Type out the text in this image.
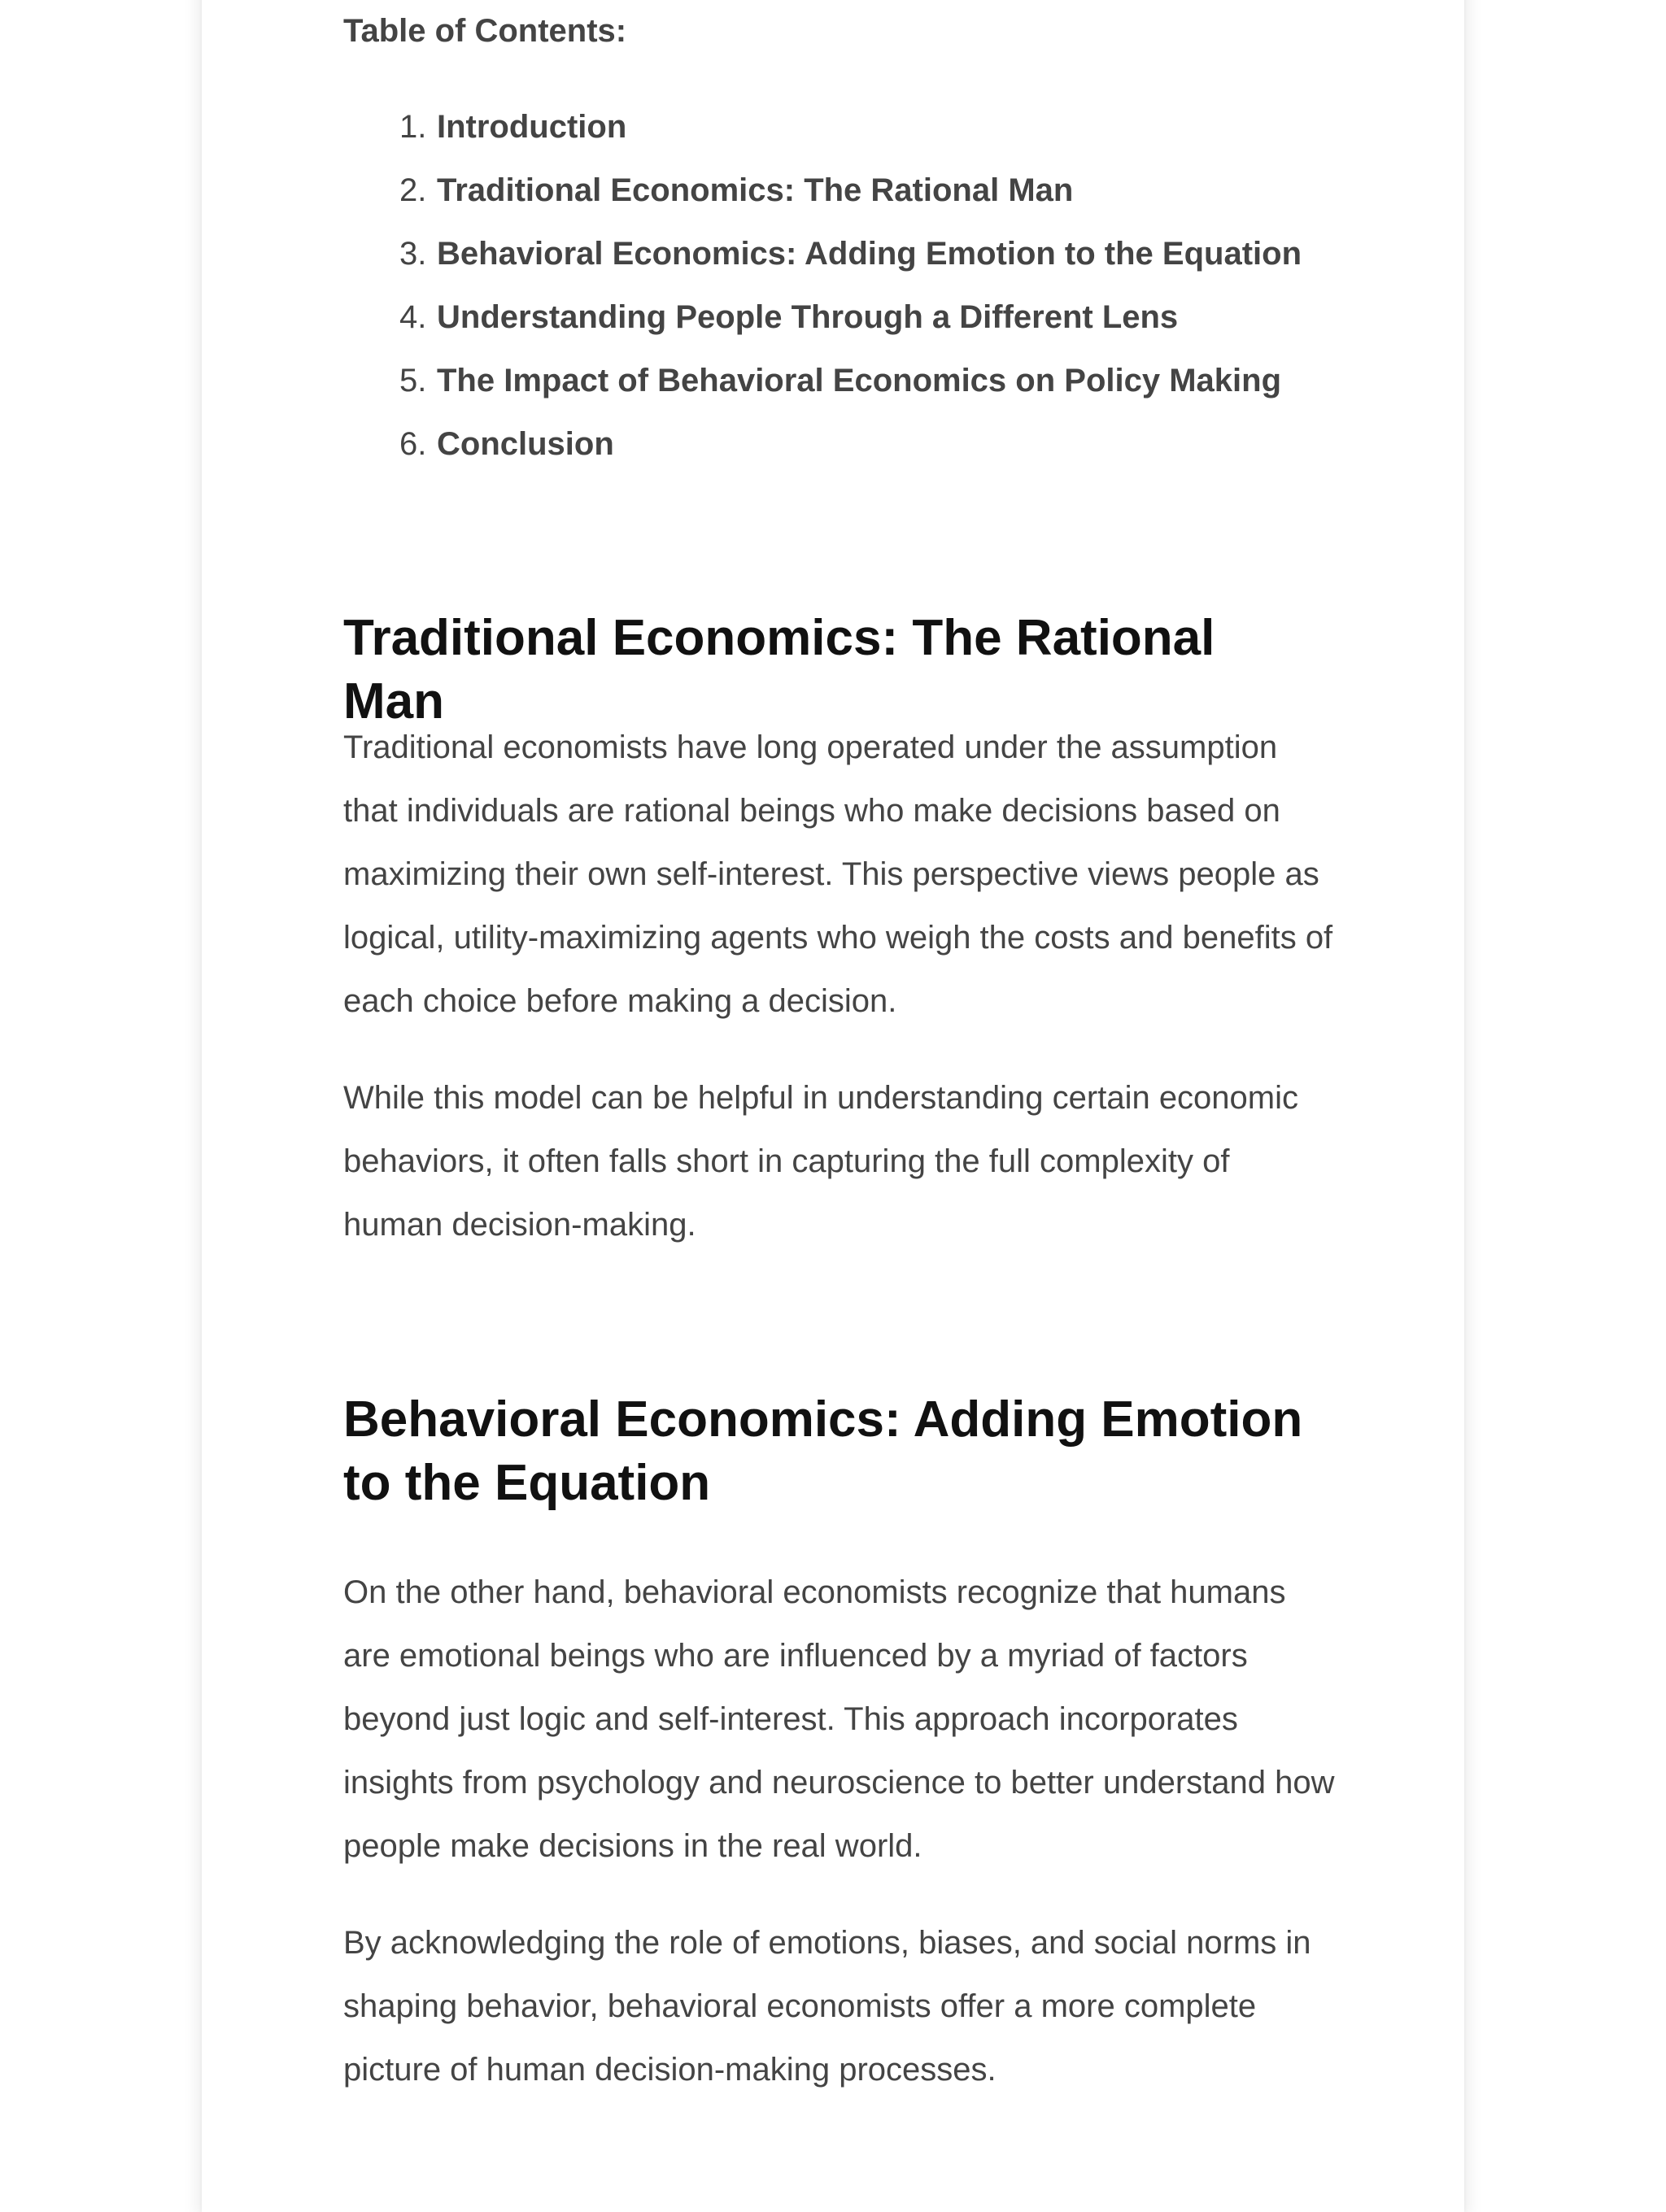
Table of Contents:
1. Introduction
2. Traditional Economics: The Rational Man
3. Behavioral Economics: Adding Emotion to the Equation
4. Understanding People Through a Different Lens
5. The Impact of Behavioral Economics on Policy Making
6. Conclusion
Traditional Economics: The Rational Man

Traditional economists have long operated under the assumption that individuals are rational beings who make decisions based on maximizing their own self-interest. This perspective views people as logical, utility-maximizing agents who weigh the costs and benefits of each choice before making a decision.

While this model can be helpful in understanding certain economic behaviors, it often falls short in capturing the full complexity of human decision-making.

Behavioral Economics: Adding Emotion to the Equation

On the other hand, behavioral economists recognize that humans are emotional beings who are influenced by a myriad of factors beyond just logic and self-interest. This approach incorporates insights from psychology and neuroscience to better understand how people make decisions in the real world.

By acknowledging the role of emotions, biases, and social norms in shaping behavior, behavioral economists offer a more complete picture of human decision-making processes.
